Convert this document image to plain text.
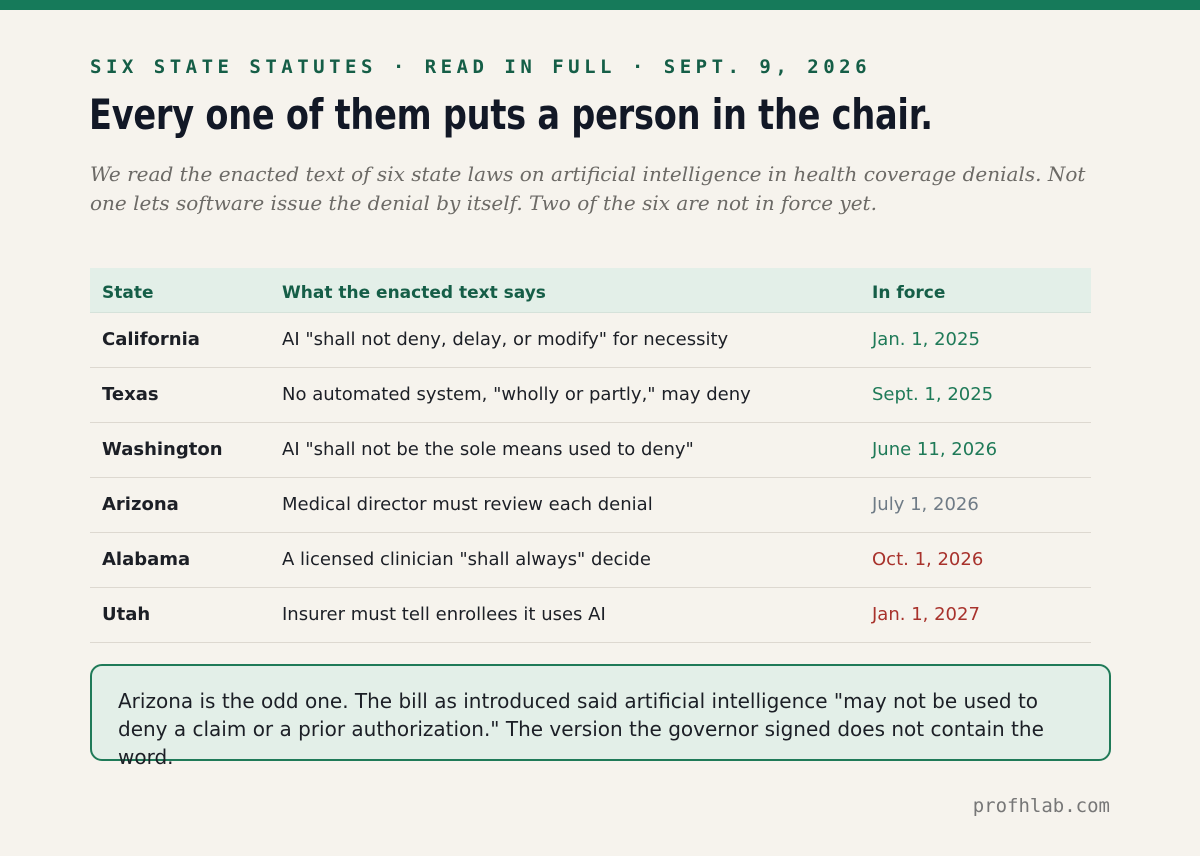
SIX STATE STATUTES · READ IN FULL · SEPT. 9, 2026
Every one of them puts a person in the chair.
We read the enacted text of six state laws on artificial intelligence in health coverage denials. Not one lets software issue the denial by itself. Two of the six are not in force yet.
State	What the enacted text says	In force
California	AI "shall not deny, delay, or modify" for necessity	Jan. 1, 2025
Texas	No automated system, "wholly or partly," may deny	Sept. 1, 2025
Washington	AI "shall not be the sole means used to deny"	June 11, 2026
Arizona	Medical director must review each denial	July 1, 2026
Alabama	A licensed clinician "shall always" decide	Oct. 1, 2026
Utah	Insurer must tell enrollees it uses AI	Jan. 1, 2027

Arizona is the odd one. The bill as introduced said artificial intelligence "may not be used to deny a claim or a prior authorization." The version the governor signed does not contain the word.

profhlab.com
